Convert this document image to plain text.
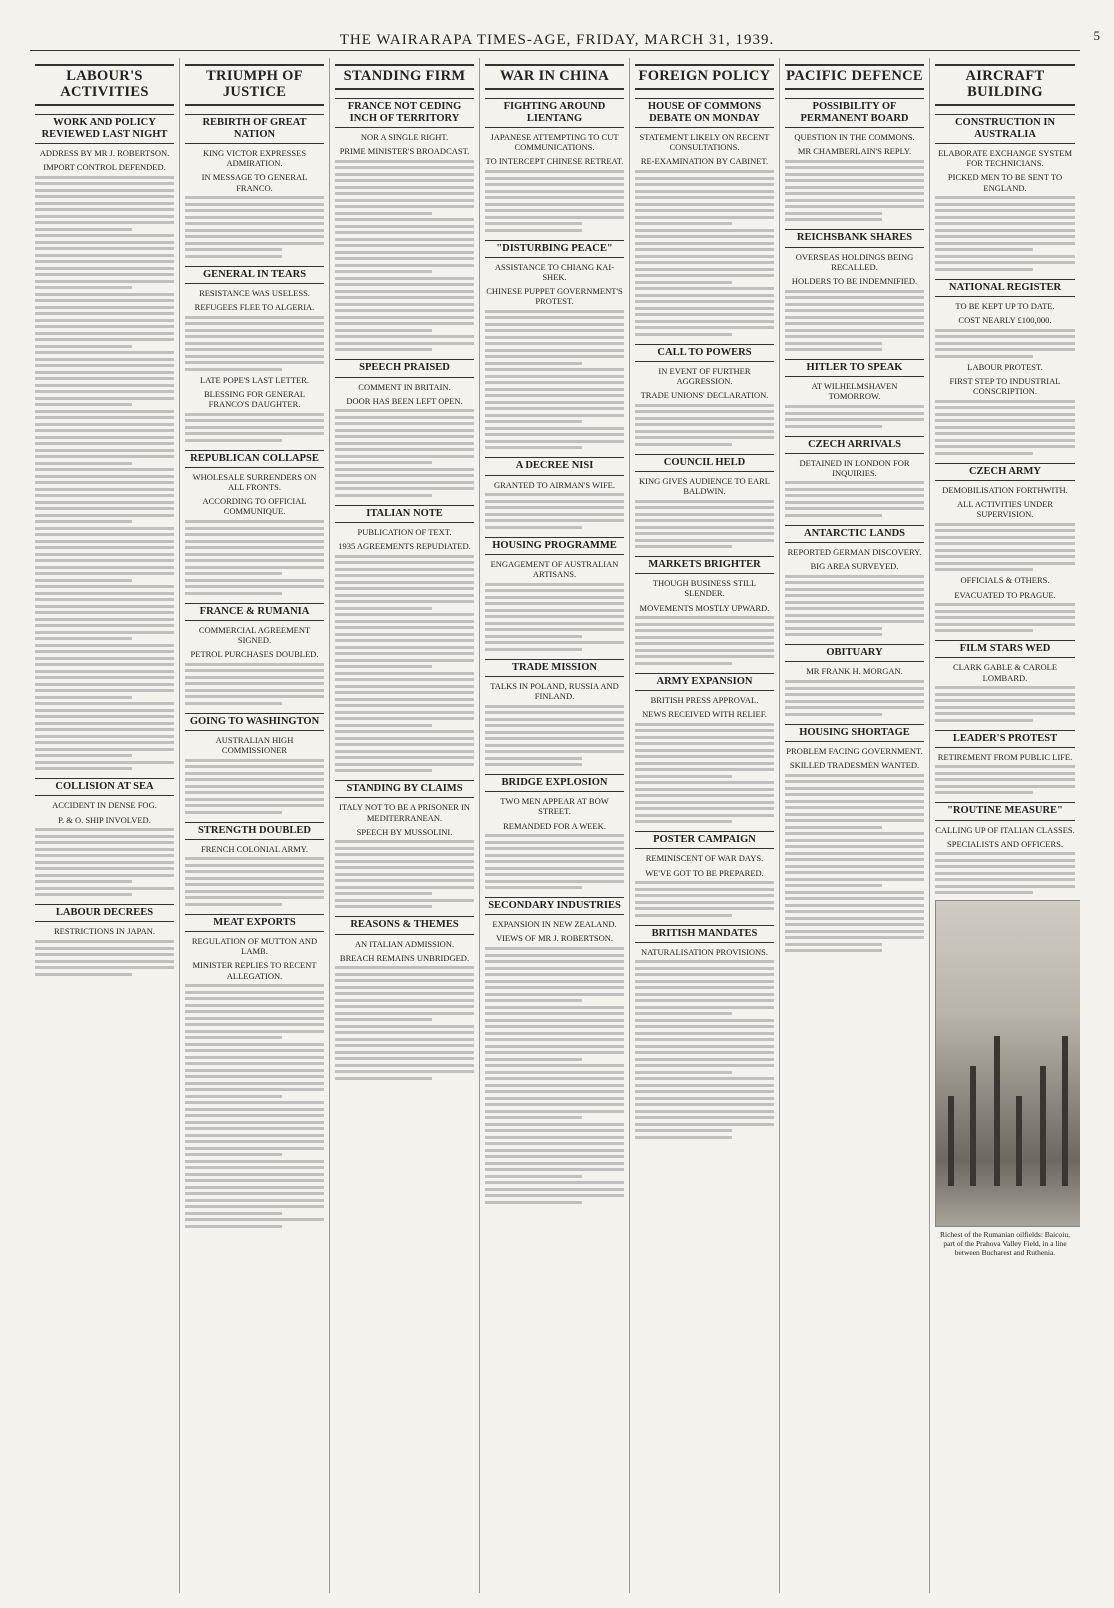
THE WAIRARAPA TIMES-AGE, FRIDAY, MARCH 31, 1939.	5
LABOUR'S ACTIVITIES
WORK AND POLICY REVIEWED LAST NIGHT
ADDRESS BY MR J. ROBERTSON.
IMPORT CONTROL DEFENDED.
COLLISION AT SEA
ACCIDENT IN DENSE FOG.
P. & O. SHIP INVOLVED.
LABOUR DECREES
RESTRICTIONS IN JAPAN.
TRIUMPH OF JUSTICE
REBIRTH OF GREAT NATION
KING VICTOR EXPRESSES ADMIRATION.
IN MESSAGE TO GENERAL FRANCO.
GENERAL IN TEARS
RESISTANCE WAS USELESS.
REFUGEES FLEE TO ALGERIA.
LATE POPE'S LAST LETTER.
BLESSING FOR GENERAL FRANCO'S DAUGHTER.
REPUBLICAN COLLAPSE
WHOLESALE SURRENDERS ON ALL FRONTS.
ACCORDING TO OFFICIAL COMMUNIQUE.
FRANCE & RUMANIA
COMMERCIAL AGREEMENT SIGNED.
PETROL PURCHASES DOUBLED.
GOING TO WASHINGTON
AUSTRALIAN HIGH COMMISSIONER
STRENGTH DOUBLED
FRENCH COLONIAL ARMY.
MEAT EXPORTS
REGULATION OF MUTTON AND LAMB.
MINISTER REPLIES TO RECENT ALLEGATION.
STANDING FIRM
FRANCE NOT CEDING INCH OF TERRITORY
NOR A SINGLE RIGHT.
PRIME MINISTER'S BROADCAST.
SPEECH PRAISED
COMMENT IN BRITAIN.
DOOR HAS BEEN LEFT OPEN.
ITALIAN NOTE
PUBLICATION OF TEXT.
1935 AGREEMENTS REPUDIATED.
STANDING BY CLAIMS
ITALY NOT TO BE A PRISONER IN MEDITERRANEAN.
SPEECH BY MUSSOLINI.
REASONS & THEMES
AN ITALIAN ADMISSION.
BREACH REMAINS UNBRIDGED.
WAR IN CHINA
FIGHTING AROUND LIENTANG
JAPANESE ATTEMPTING TO CUT COMMUNICATIONS.
TO INTERCEPT CHINESE RETREAT.
"DISTURBING PEACE"
ASSISTANCE TO CHIANG KAI-SHEK.
CHINESE PUPPET GOVERNMENT'S PROTEST.
A DECREE NISI
GRANTED TO AIRMAN'S WIFE.
HOUSING PROGRAMME
ENGAGEMENT OF AUSTRALIAN ARTISANS.
TRADE MISSION
TALKS IN POLAND, RUSSIA AND FINLAND.
BRIDGE EXPLOSION
TWO MEN APPEAR AT BOW STREET.
REMANDED FOR A WEEK.
SECONDARY INDUSTRIES
EXPANSION IN NEW ZEALAND.
VIEWS OF MR J. ROBERTSON.
FOREIGN POLICY
HOUSE OF COMMONS DEBATE ON MONDAY
STATEMENT LIKELY ON RECENT CONSULTATIONS.
RE-EXAMINATION BY CABINET.
CALL TO POWERS
IN EVENT OF FURTHER AGGRESSION.
TRADE UNIONS' DECLARATION.
COUNCIL HELD
KING GIVES AUDIENCE TO EARL BALDWIN.
MARKETS BRIGHTER
THOUGH BUSINESS STILL SLENDER.
MOVEMENTS MOSTLY UPWARD.
ARMY EXPANSION
BRITISH PRESS APPROVAL.
NEWS RECEIVED WITH RELIEF.
POSTER CAMPAIGN
REMINISCENT OF WAR DAYS.
WE'VE GOT TO BE PREPARED.
BRITISH MANDATES
NATURALISATION PROVISIONS.
PACIFIC DEFENCE
POSSIBILITY OF PERMANENT BOARD
QUESTION IN THE COMMONS.
MR CHAMBERLAIN'S REPLY.
REICHSBANK SHARES
OVERSEAS HOLDINGS BEING RECALLED.
HOLDERS TO BE INDEMNIFIED.
HITLER TO SPEAK
AT WILHELMSHAVEN TOMORROW.
CZECH ARRIVALS
DETAINED IN LONDON FOR INQUIRIES.
ANTARCTIC LANDS
REPORTED GERMAN DISCOVERY.
BIG AREA SURVEYED.
OBITUARY
MR FRANK H. MORGAN.
HOUSING SHORTAGE
PROBLEM FACING GOVERNMENT.
SKILLED TRADESMEN WANTED.
AIRCRAFT BUILDING
CONSTRUCTION IN AUSTRALIA
ELABORATE EXCHANGE SYSTEM FOR TECHNICIANS.
PICKED MEN TO BE SENT TO ENGLAND.
NATIONAL REGISTER
TO BE KEPT UP TO DATE.
COST NEARLY £100,000.
LABOUR PROTEST.
FIRST STEP TO INDUSTRIAL CONSCRIPTION.
CZECH ARMY
DEMOBILISATION FORTHWITH.
ALL ACTIVITIES UNDER SUPERVISION.
OFFICIALS & OTHERS.
EVACUATED TO PRAGUE.
FILM STARS WED
CLARK GABLE & CAROLE LOMBARD.
LEADER'S PROTEST
RETIREMENT FROM PUBLIC LIFE.
"ROUTINE MEASURE"
CALLING UP OF ITALIAN CLASSES.
SPECIALISTS AND OFFICERS.
Richest of the Rumanian oilfields: Baicoiu, part of the Prahova Valley Field, in a line between Bucharest and Ruthenia.
